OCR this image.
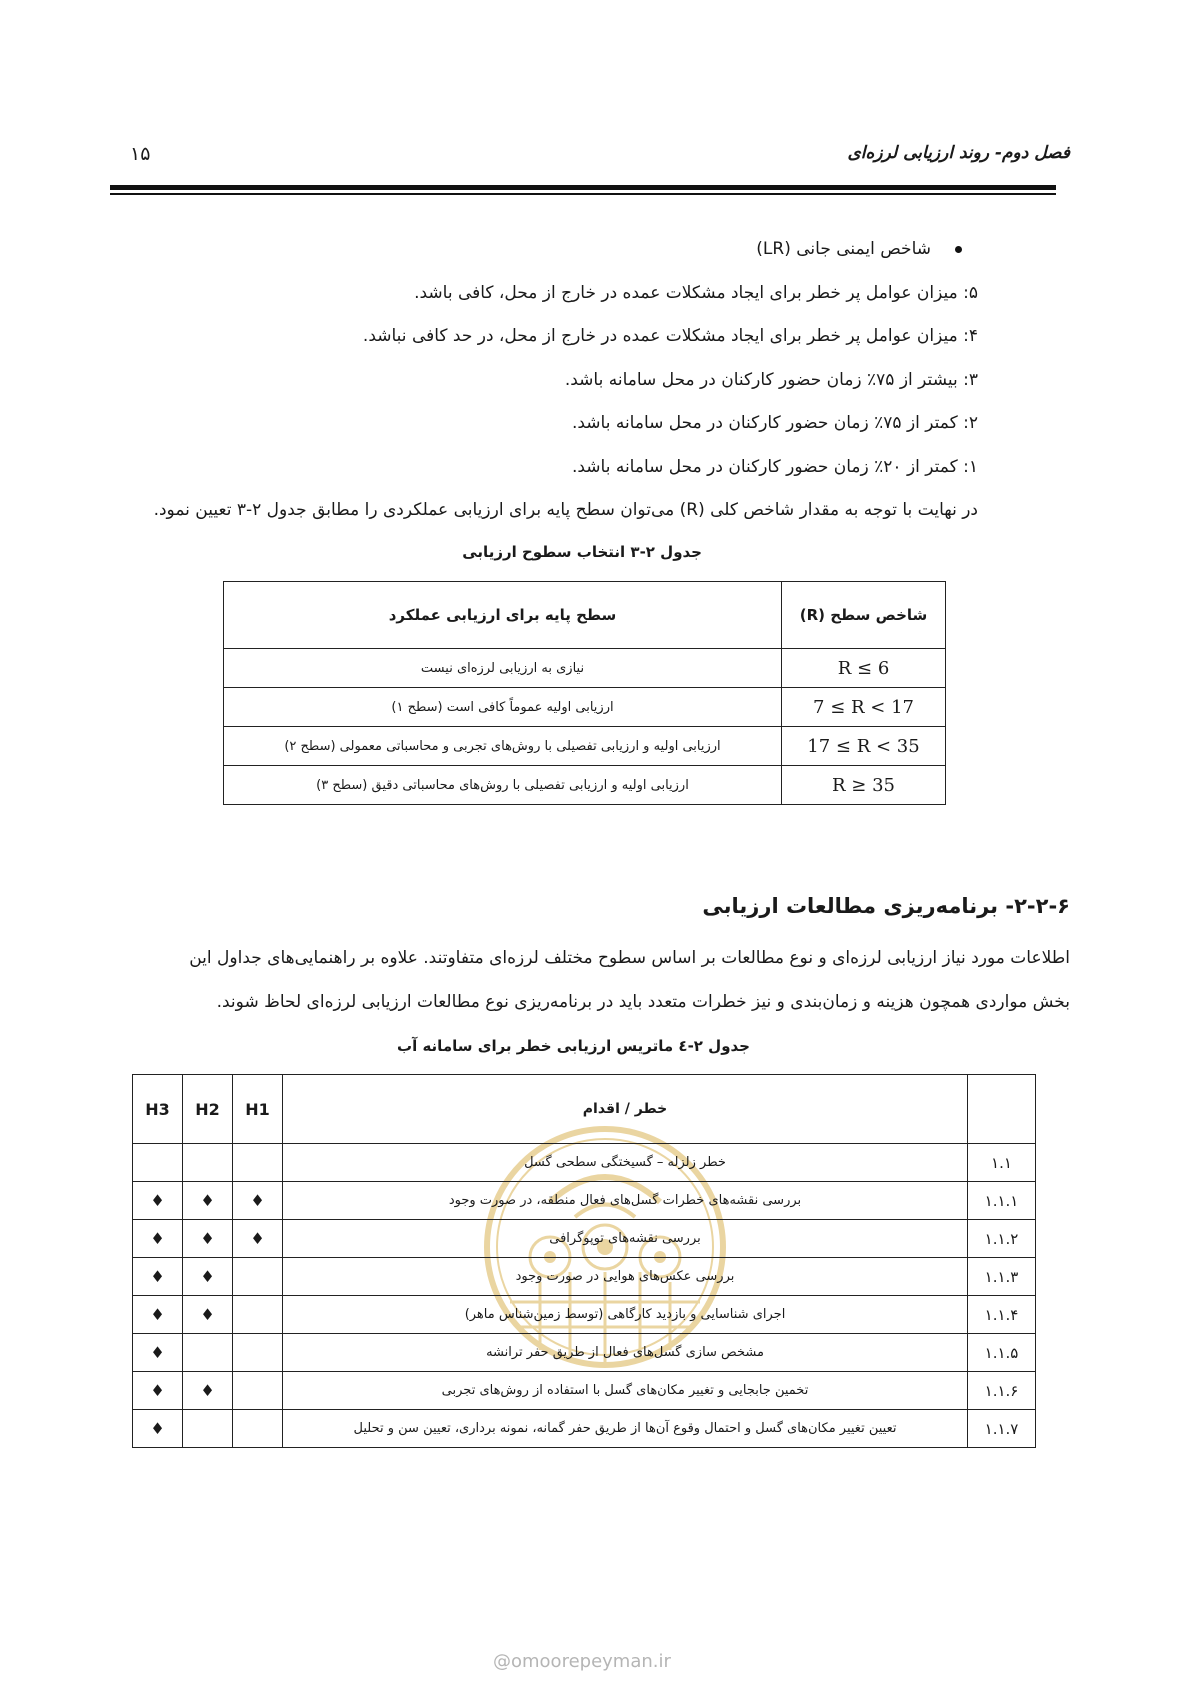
فصل دوم- روند ارزیابی لرزه‌ای
۱۵
شاخص ایمنی جانی (LR)
۵: میزان عوامل پر خطر برای ایجاد مشکلات عمده در خارج از محل، کافی باشد.
۴: میزان عوامل پر خطر برای ایجاد مشکلات عمده در خارج از محل، در حد کافی نباشد.
۳: بیشتر از ۷۵٪ زمان حضور کارکنان در محل سامانه باشد.
۲: کمتر از ۷۵٪ زمان حضور کارکنان در محل سامانه باشد.
۱: کمتر از ۲۰٪ زمان حضور کارکنان در محل سامانه باشد.
در نهایت با توجه به مقدار شاخص کلی (R) می‌توان سطح پایه برای ارزیابی عملکردی را مطابق جدول ۲-۳ تعیین نمود.
جدول ۲-۳ انتخاب سطوح ارزیابی
شاخص سطح (R)	سطح پایه برای ارزیابی عملکرد
R ≤ 6	نیازی به ارزیابی لرزه‌ای نیست
7 ≤ R < 17	ارزیابی اولیه عموماً کافی است (سطح ۱)
17 ≤ R < 35	ارزیابی اولیه و ارزیابی تفصیلی با روش‌های تجربی و محاسباتی معمولی (سطح ۲)
R ≥ 35	ارزیابی اولیه و ارزیابی تفصیلی با روش‌های محاسباتی دقیق (سطح ۳)
۲-۲-۶- برنامه‌ریزی مطالعات ارزیابی
اطلاعات مورد نیاز ارزیابی لرزه‌ای و نوع مطالعات بر اساس سطوح مختلف لرزه‌ای متفاوتند. علاوه بر راهنمایی‌های جداول این
بخش مواردی همچون هزینه و زمان‌بندی و نیز خطرات متعدد باید در برنامه‌ریزی نوع مطالعات ارزیابی لرزه‌ای لحاظ شوند.
جدول ۲-٤ ماتریس ارزیابی خطر برای سامانه آب
	خطر / اقدام	H1	H2	H3
۱.۱	خطر زلزله – گسیختگی سطحی گسل			
۱.۱.۱	بررسی نقشه‌های خطرات گسل‌های فعال منطقه، در صورت وجود	♦	♦	♦
۱.۱.۲	بررسی نقشه‌های توپوگرافی	♦	♦	♦
۱.۱.۳	بررسی عکس‌های هوایی در صورت وجود		♦	♦
۱.۱.۴	اجرای شناسایی و بازدید کارگاهی (توسط زمین‌شناس ماهر)		♦	♦
۱.۱.۵	مشخص سازی گسل‌های فعال از طریق حفر ترانشه			♦
۱.۱.۶	تخمین جابجایی و تغییر مکان‌های گسل با استفاده از روش‌های تجربی		♦	♦
۱.۱.۷	تعیین تغییر مکان‌های گسل و احتمال وقوع آن‌ها از طریق حفر گمانه، نمونه برداری، تعیین سن و تحلیل			♦
@omoorepeyman.ir
